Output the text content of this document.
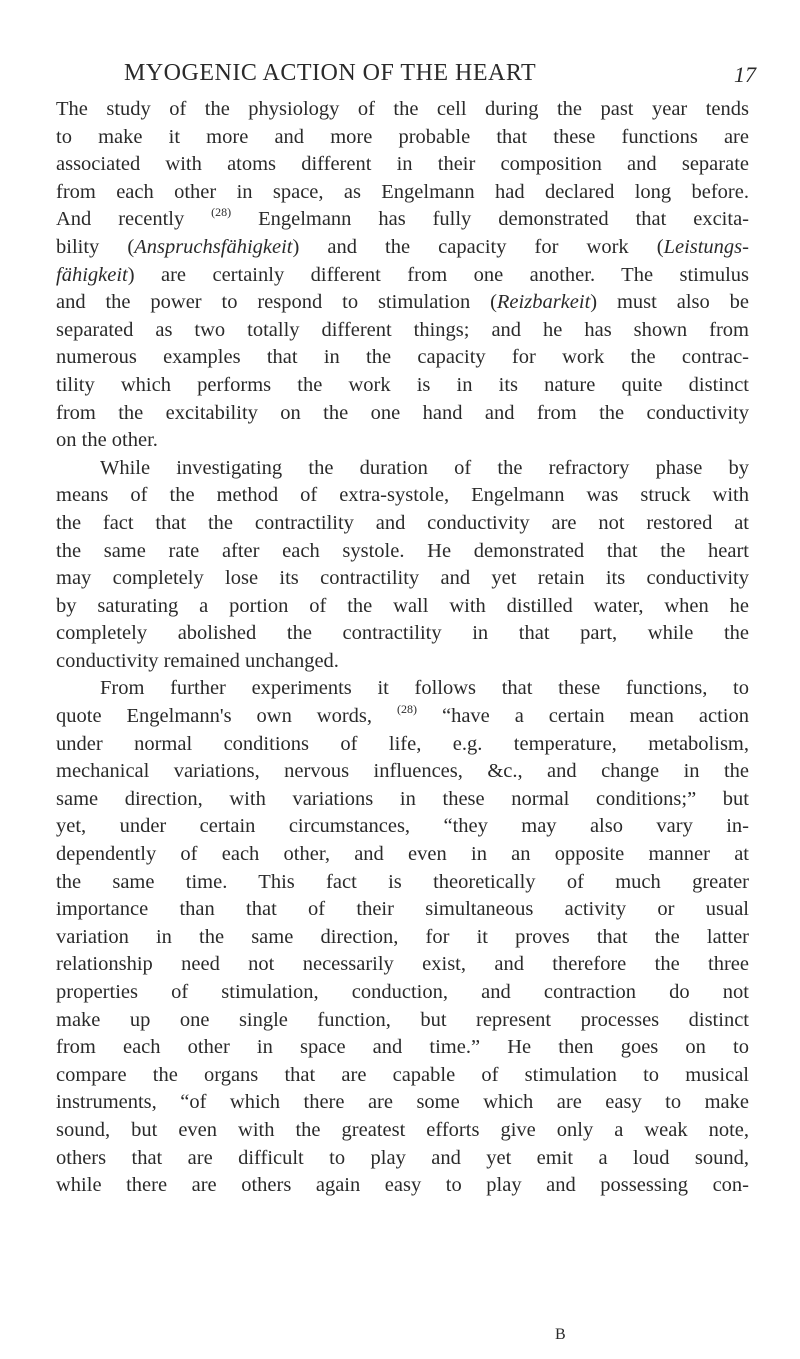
MYOGENIC ACTION OF THE HEART	17
The study of the physiology of the cell during the past year tends
to make it more and more probable that these functions are
associated with atoms different in their composition and separate
from each other in space, as Engelmann had declared long before.
And recently $^{(28)}$ Engelmann has fully demonstrated that excita-
bility (Anspruchsfähigkeit) and the capacity for work (Leistungs-
fähigkeit) are certainly different from one another. The stimulus
and the power to respond to stimulation (Reizbarkeit) must also be
separated as two totally different things; and he has shown from
numerous examples that in the capacity for work the contrac-
tility which performs the work is in its nature quite distinct
from the excitability on the one hand and from the conductivity
on the other.
While investigating the duration of the refractory phase by
means of the method of extra-systole, Engelmann was struck with
the fact that the contractility and conductivity are not restored at
the same rate after each systole. He demonstrated that the heart
may completely lose its contractility and yet retain its conductivity
by saturating a portion of the wall with distilled water, when he
completely abolished the contractility in that part, while the
conductivity remained unchanged.
From further experiments it follows that these functions, to
quote Engelmann's own words, $^{(28)}$ “have a certain mean action
under normal conditions of life, e.g. temperature, metabolism,
mechanical variations, nervous influences, &c., and change in the
same direction, with variations in these normal conditions;” but
yet, under certain circumstances, “they may also vary in-
dependently of each other, and even in an opposite manner at
the same time. This fact is theoretically of much greater
importance than that of their simultaneous activity or usual
variation in the same direction, for it proves that the latter
relationship need not necessarily exist, and therefore the three
properties of stimulation, conduction, and contraction do not
make up one single function, but represent processes distinct
from each other in space and time.” He then goes on to
compare the organs that are capable of stimulation to musical
instruments, “of which there are some which are easy to make
sound, but even with the greatest efforts give only a weak note,
others that are difficult to play and yet emit a loud sound,
while there are others again easy to play and possessing con-
B
